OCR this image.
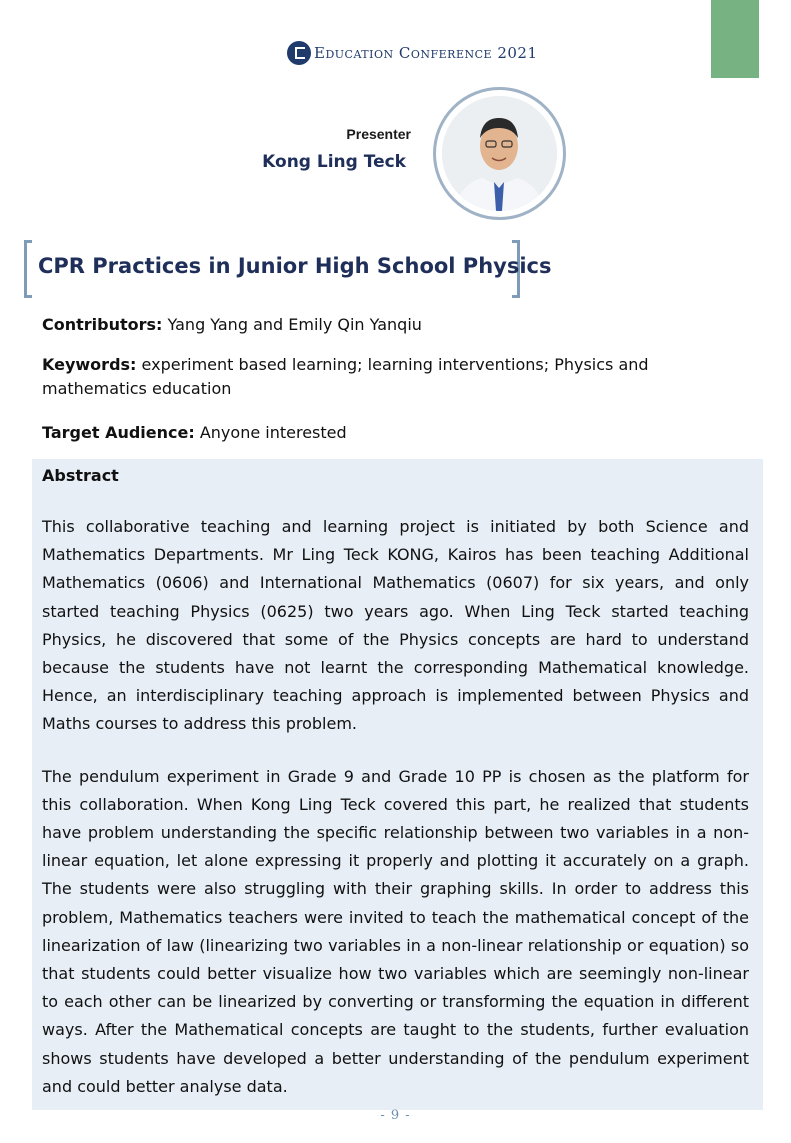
Education Conference 2021
Presenter
Kong Ling Teck
CPR Practices in Junior High School Physics
Contributors: Yang Yang and Emily Qin Yanqiu
Keywords: experiment based learning; learning interventions; Physics and mathematics education
Target Audience: Anyone interested
Abstract

This collaborative teaching and learning project is initiated by both Science and Mathematics Departments. Mr Ling Teck KONG, Kairos has been teaching Additional Mathematics (0606) and International Mathematics (0607) for six years, and only started teaching Physics (0625) two years ago. When Ling Teck started teaching Physics, he discovered that some of the Physics concepts are hard to understand because the students have not learnt the corresponding Mathematical knowledge. Hence, an interdisciplinary teaching approach is implemented between Physics and Maths courses to address this problem.

The pendulum experiment in Grade 9 and Grade 10 PP is chosen as the platform for this collaboration. When Kong Ling Teck covered this part, he realized that students have problem understanding the specific relationship between two variables in a non-linear equation, let alone expressing it properly and plotting it accurately on a graph. The students were also struggling with their graphing skills. In order to address this problem, Mathematics teachers were invited to teach the mathematical concept of the linearization of law (linearizing two variables in a non-linear relationship or equation) so that students could better visualize how two variables which are seemingly non-linear to each other can be linearized by converting or transforming the equation in different ways. After the Mathematical concepts are taught to the students, further evaluation shows students have developed a better understanding of the pendulum experiment and could better analyse data.

- 9 -
